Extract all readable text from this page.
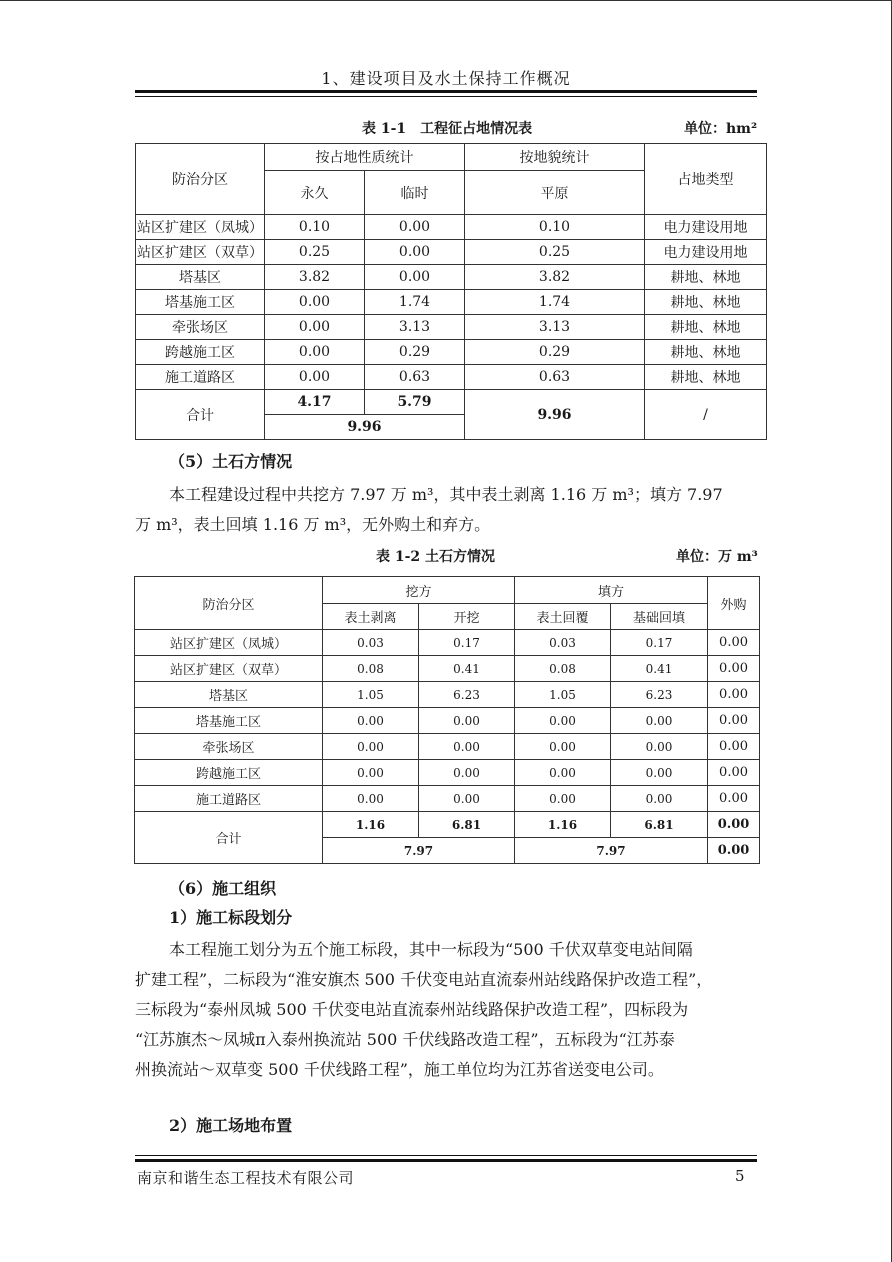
1、建设项目及水土保持工作概况
表 1-1　工程征占地情况表	单位：hm²
防治分区	按占地性质统计		按地貌统计	占地类型
	永久	临时	平原	
站区扩建区（凤城）	0.10	0.00	0.10	电力建设用地
站区扩建区（双草）	0.25	0.00	0.25	电力建设用地
塔基区	3.82	0.00	3.82	耕地、林地
塔基施工区	0.00	1.74	1.74	耕地、林地
牵张场区	0.00	3.13	3.13	耕地、林地
跨越施工区	0.00	0.29	0.29	耕地、林地
施工道路区	0.00	0.63	0.63	耕地、林地
合计	4.17	5.79	9.96	/
	9.96			
（5）土石方情况
本工程建设过程中共挖方 7.97 万 m³，其中表土剥离 1.16 万 m³；填方 7.97
万 m³，表土回填 1.16 万 m³，无外购土和弃方。
表 1-2 土石方情况	单位：万 m³
防治分区	挖方		填方		外购
	表土剥离	开挖	表土回覆	基础回填	
站区扩建区（凤城）	0.03	0.17	0.03	0.17	0.00
站区扩建区（双草）	0.08	0.41	0.08	0.41	0.00
塔基区	1.05	6.23	1.05	6.23	0.00
塔基施工区	0.00	0.00	0.00	0.00	0.00
牵张场区	0.00	0.00	0.00	0.00	0.00
跨越施工区	0.00	0.00	0.00	0.00	0.00
施工道路区	0.00	0.00	0.00	0.00	0.00
合计	1.16	6.81	1.16	6.81	0.00
	7.97		7.97		0.00
（6）施工组织
1）施工标段划分
本工程施工划分为五个施工标段，其中一标段为“500 千伏双草变电站间隔
扩建工程”，二标段为“淮安旗杰 500 千伏变电站直流泰州站线路保护改造工程”，
三标段为“泰州凤城 500 千伏变电站直流泰州站线路保护改造工程”，四标段为
“江苏旗杰～凤城π入泰州换流站 500 千伏线路改造工程”，五标段为“江苏泰
州换流站～双草变 500 千伏线路工程”，施工单位均为江苏省送变电公司。
2）施工场地布置
南京和谐生态工程技术有限公司	5
